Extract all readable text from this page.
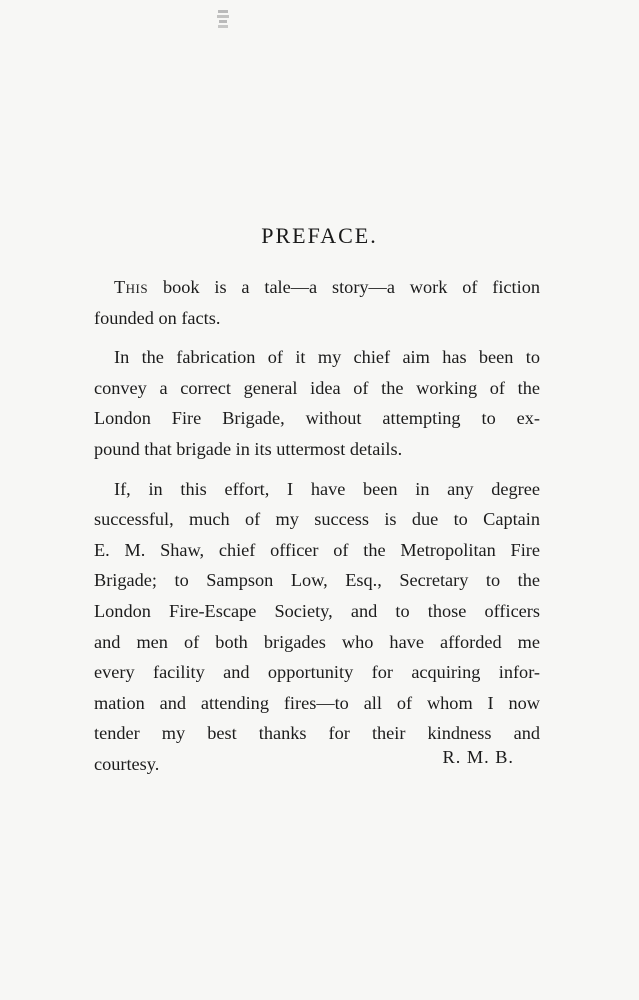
PREFACE.

This book is a tale—a story—a work of fiction
founded on facts.

In the fabrication of it my chief aim has been to
convey a correct general idea of the working of the
London Fire Brigade, without attempting to ex-
pound that brigade in its uttermost details.

If, in this effort, I have been in any degree
successful, much of my success is due to Captain
E. M. Shaw, chief officer of the Metropolitan Fire
Brigade; to Sampson Low, Esq., Secretary to the
London Fire-Escape Society, and to those officers
and men of both brigades who have afforded me
every facility and opportunity for acquiring infor-
mation and attending fires—to all of whom I now
tender my best thanks for their kindness and
courtesy.	R. M. B.
